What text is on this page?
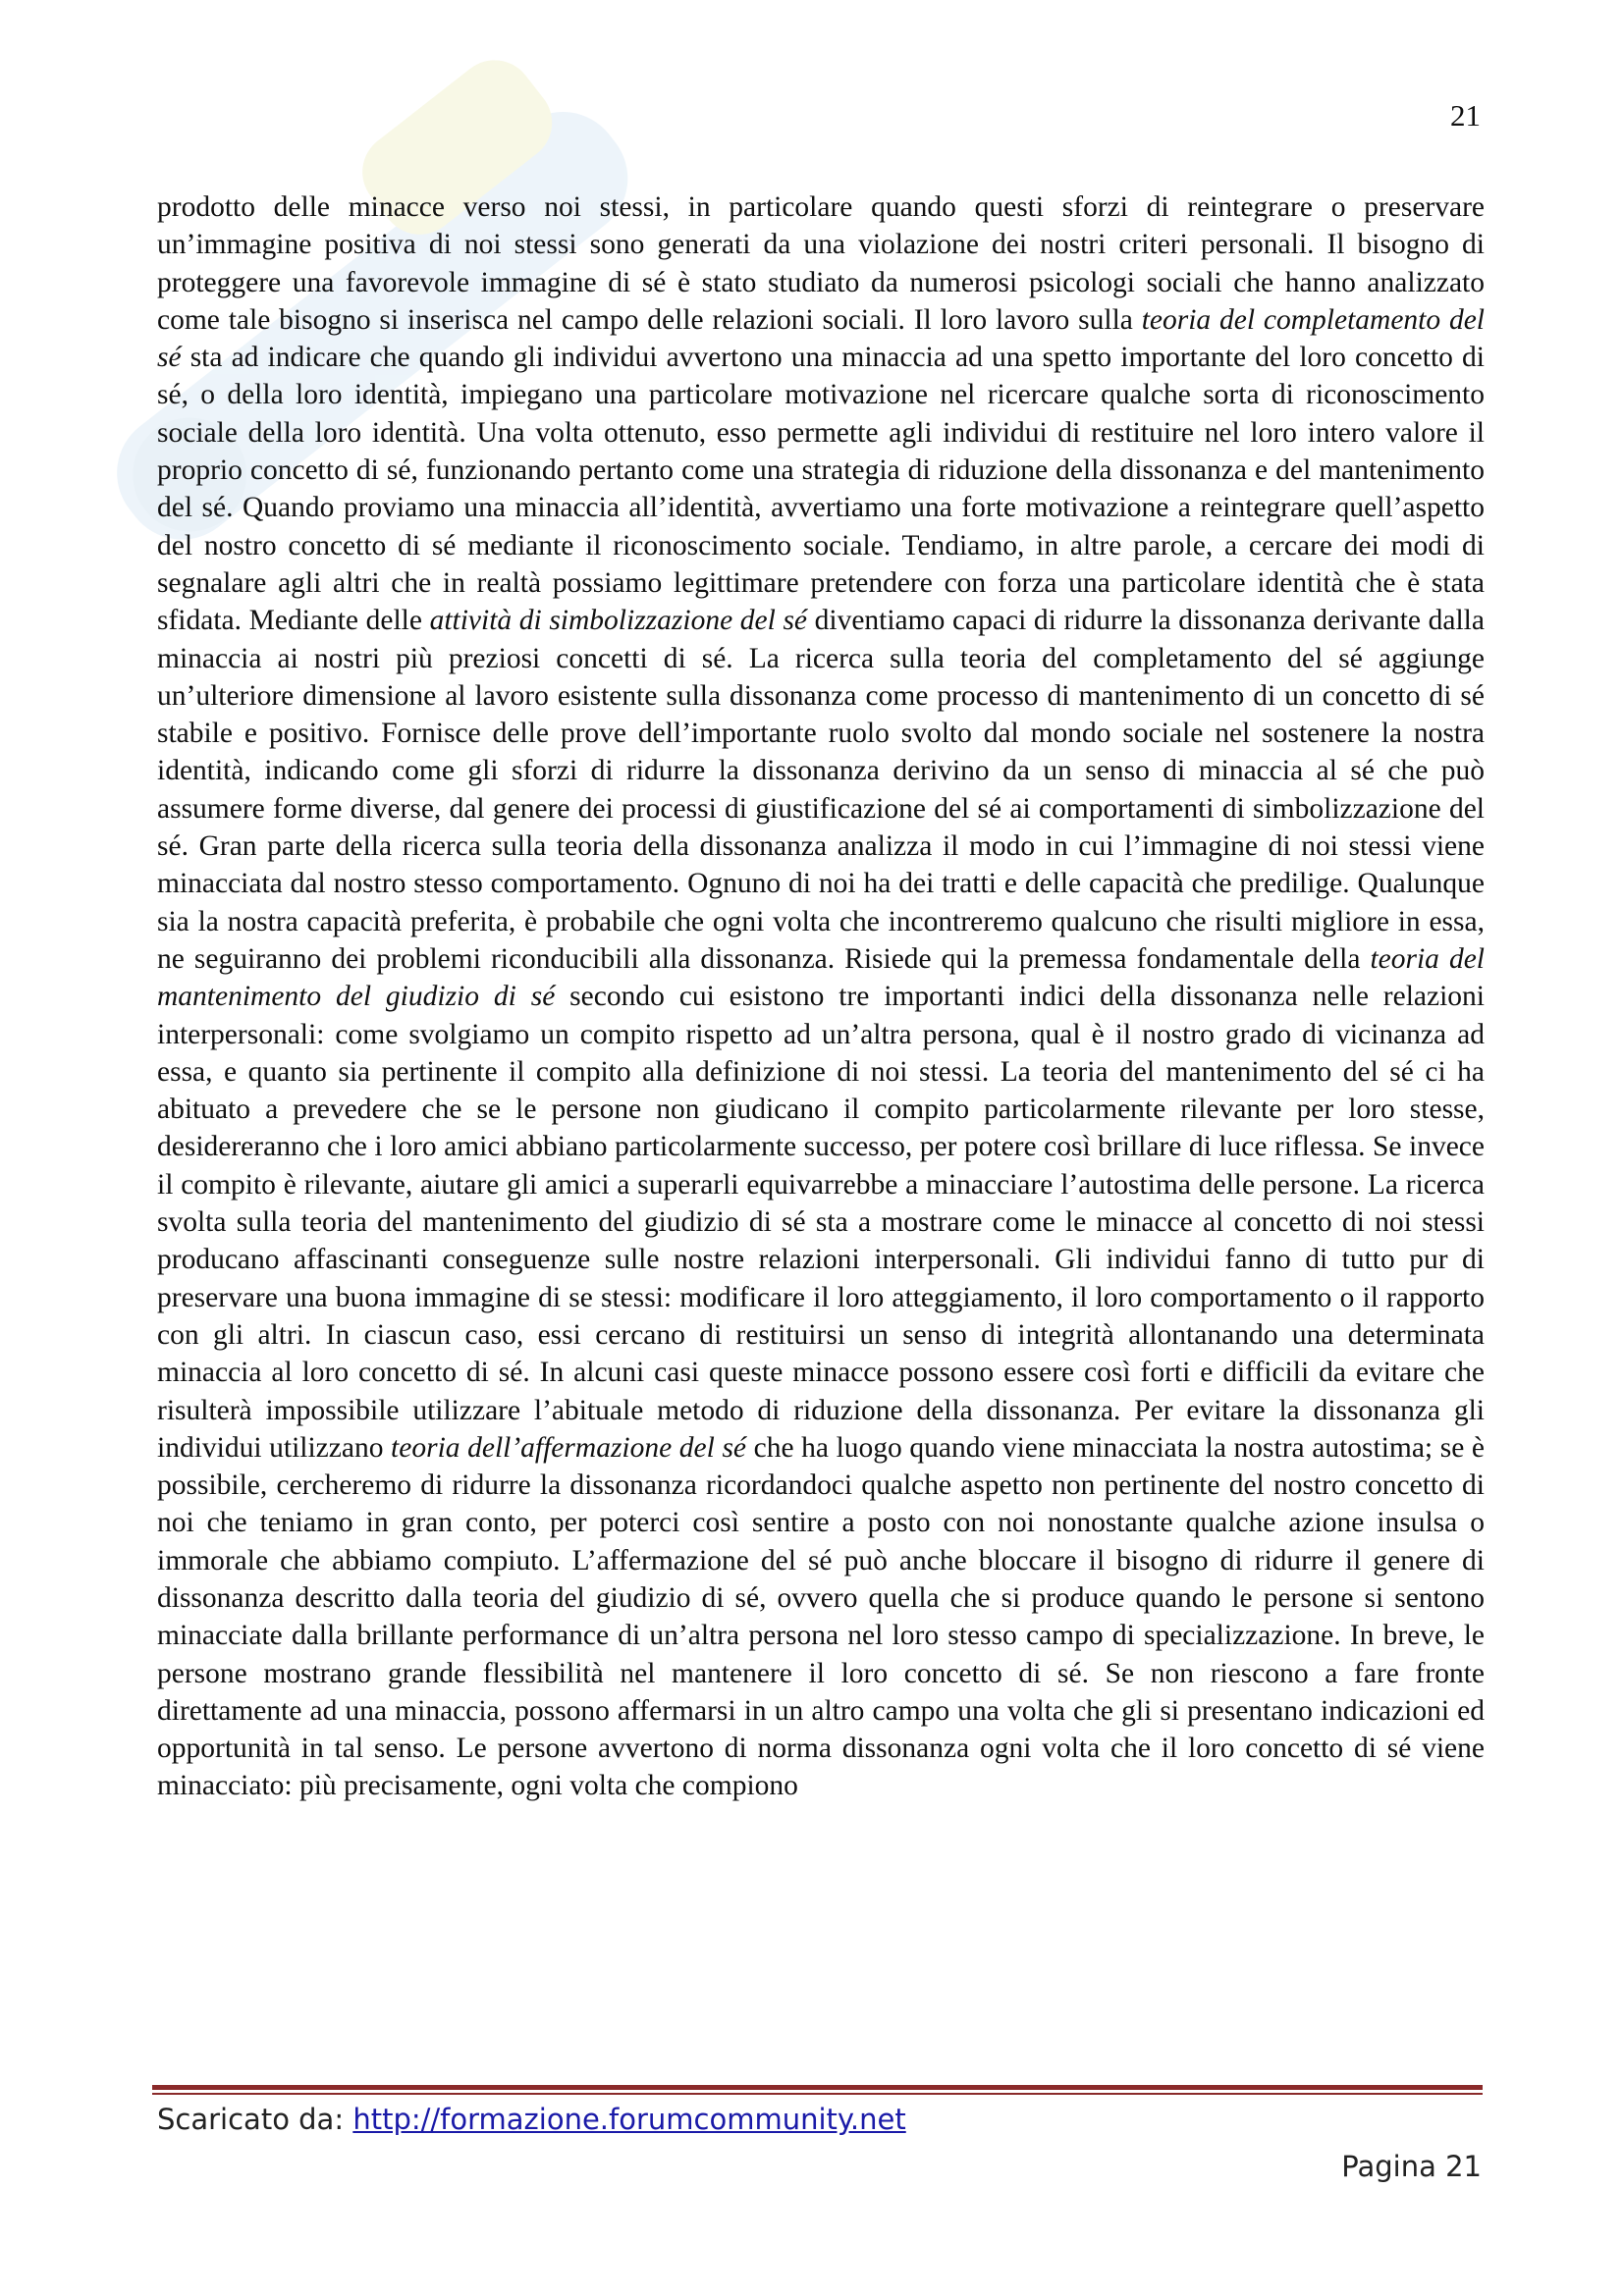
21

prodotto delle minacce verso noi stessi, in particolare quando questi sforzi di reintegrare o preservare un’immagine positiva di noi stessi sono generati da una violazione dei nostri criteri personali. Il bisogno di proteggere una favorevole immagine di sé è stato studiato da numerosi psicologi sociali che hanno analizzato come tale bisogno si inserisca nel campo delle relazioni sociali. Il loro lavoro sulla teoria del completamento del sé sta ad indicare che quando gli individui avvertono una minaccia ad una spetto importante del loro concetto di sé, o della loro identità, impiegano una particolare motivazione nel ricercare qualche sorta di riconoscimento sociale della loro identità. Una volta ottenuto, esso permette agli individui di restituire nel loro intero valore il proprio concetto di sé, funzionando pertanto come una strategia di riduzione della dissonanza e del mantenimento del sé. Quando proviamo una minaccia all’identità, avvertiamo una forte motivazione a reintegrare quell’aspetto del nostro concetto di sé mediante il riconoscimento sociale. Tendiamo, in altre parole, a cercare dei modi di segnalare agli altri che in realtà possiamo legittimare pretendere con forza una particolare identità che è stata sfidata. Mediante delle attività di simbolizzazione del sé diventiamo capaci di ridurre la dissonanza derivante dalla minaccia ai nostri più preziosi concetti di sé. La ricerca sulla teoria del completamento del sé aggiunge un’ulteriore dimensione al lavoro esistente sulla dissonanza come processo di mantenimento di un concetto di sé stabile e positivo. Fornisce delle prove dell’importante ruolo svolto dal mondo sociale nel sostenere la nostra identità, indicando come gli sforzi di ridurre la dissonanza derivino da un senso di minaccia al sé che può assumere forme diverse, dal genere dei processi di giustificazione del sé ai comportamenti di simbolizzazione del sé. Gran parte della ricerca sulla teoria della dissonanza analizza il modo in cui l’immagine di noi stessi viene minacciata dal nostro stesso comportamento. Ognuno di noi ha dei tratti e delle capacità che predilige. Qualunque sia la nostra capacità preferita, è probabile che ogni volta che incontreremo qualcuno che risulti migliore in essa, ne seguiranno dei problemi riconducibili alla dissonanza. Risiede qui la premessa fondamentale della teoria del mantenimento del giudizio di sé secondo cui esistono tre importanti indici della dissonanza nelle relazioni interpersonali: come svolgiamo un compito rispetto ad un’altra persona, qual è il nostro grado di vicinanza ad essa, e quanto sia pertinente il compito alla definizione di noi stessi. La teoria del mantenimento del sé ci ha abituato a prevedere che se le persone non giudicano il compito particolarmente rilevante per loro stesse, desidereranno che i loro amici abbiano particolarmente successo, per potere così brillare di luce riflessa. Se invece il compito è rilevante, aiutare gli amici a superarli equivarrebbe a minacciare l’autostima delle persone. La ricerca svolta sulla teoria del mantenimento del giudizio di sé sta a mostrare come le minacce al concetto di noi stessi producano affascinanti conseguenze sulle nostre relazioni interpersonali. Gli individui fanno di tutto pur di preservare una buona immagine di se stessi: modificare il loro atteggiamento, il loro comportamento o il rapporto con gli altri. In ciascun caso, essi cercano di restituirsi un senso di integrità allontanando una determinata minaccia al loro concetto di sé. In alcuni casi queste minacce possono essere così forti e difficili da evitare che risulterà impossibile utilizzare l’abituale metodo di riduzione della dissonanza. Per evitare la dissonanza gli individui utilizzano teoria dell’affermazione del sé che ha luogo quando viene minacciata la nostra autostima; se è possibile, cercheremo di ridurre la dissonanza ricordandoci qualche aspetto non pertinente del nostro concetto di noi che teniamo in gran conto, per poterci così sentire a posto con noi nonostante qualche azione insulsa o immorale che abbiamo compiuto. L’affermazione del sé può anche bloccare il bisogno di ridurre il genere di dissonanza descritto dalla teoria del giudizio di sé, ovvero quella che si produce quando le persone si sentono minacciate dalla brillante performance di un’altra persona nel loro stesso campo di specializzazione. In breve, le persone mostrano grande flessibilità nel mantenere il loro concetto di sé. Se non riescono a fare fronte direttamente ad una minaccia, possono affermarsi in un altro campo una volta che gli si presentano indicazioni ed opportunità in tal senso. Le persone avvertono di norma dissonanza ogni volta che il loro concetto di sé viene minacciato: più precisamente, ogni volta che compiono

Scaricato da: http://formazione.forumcommunity.net
Pagina 21
